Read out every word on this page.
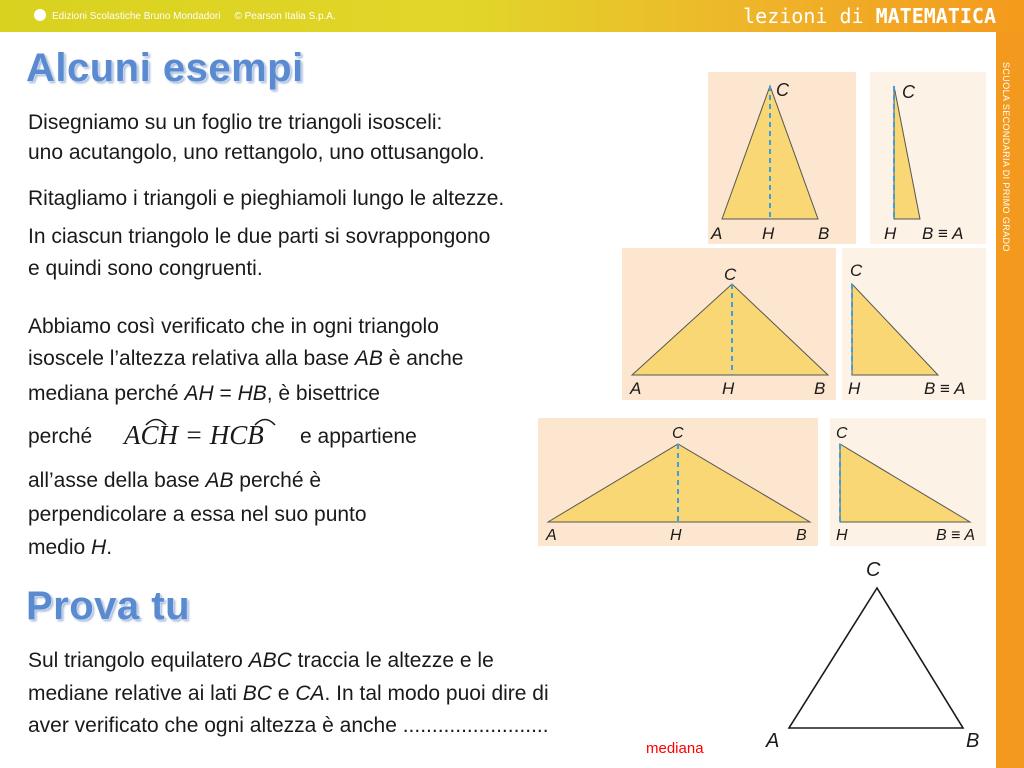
Edizioni Scolastiche Bruno Mondadori © Pearson Italia S.p.A.	lezioni di MATEMATICA
SCUOLA SECONDARIA DI PRIMO GRADO
Alcuni esempi
Disegniamo su un foglio tre triangoli isosceli:
uno acutangolo, uno rettangolo, uno ottusangolo.
Ritagliamo i triangoli e pieghiamoli lungo le altezze.
In ciascun triangolo le due parti si sovrappongono
e quindi sono congruenti.
Abbiamo così verificato che in ogni triangolo
isoscele l’altezza relativa alla base AB è anche
mediana perché AH = HB, è bisettrice
perché ACH = HCB e appartiene
all’asse della base AB perché è
perpendicolare a essa nel suo punto
medio H.
C
A H	B
C
H B ≡ A
C
A	H	B
C
H	B ≡ A
C
A	H	B
C
H	B ≡ A
Prova tu
Sul triangolo equilatero ABC traccia le altezze e le
mediane relative ai lati BC e CA. In tal modo puoi dire di
aver verificato che ogni altezza è anche .........................
mediana
C
A	B
